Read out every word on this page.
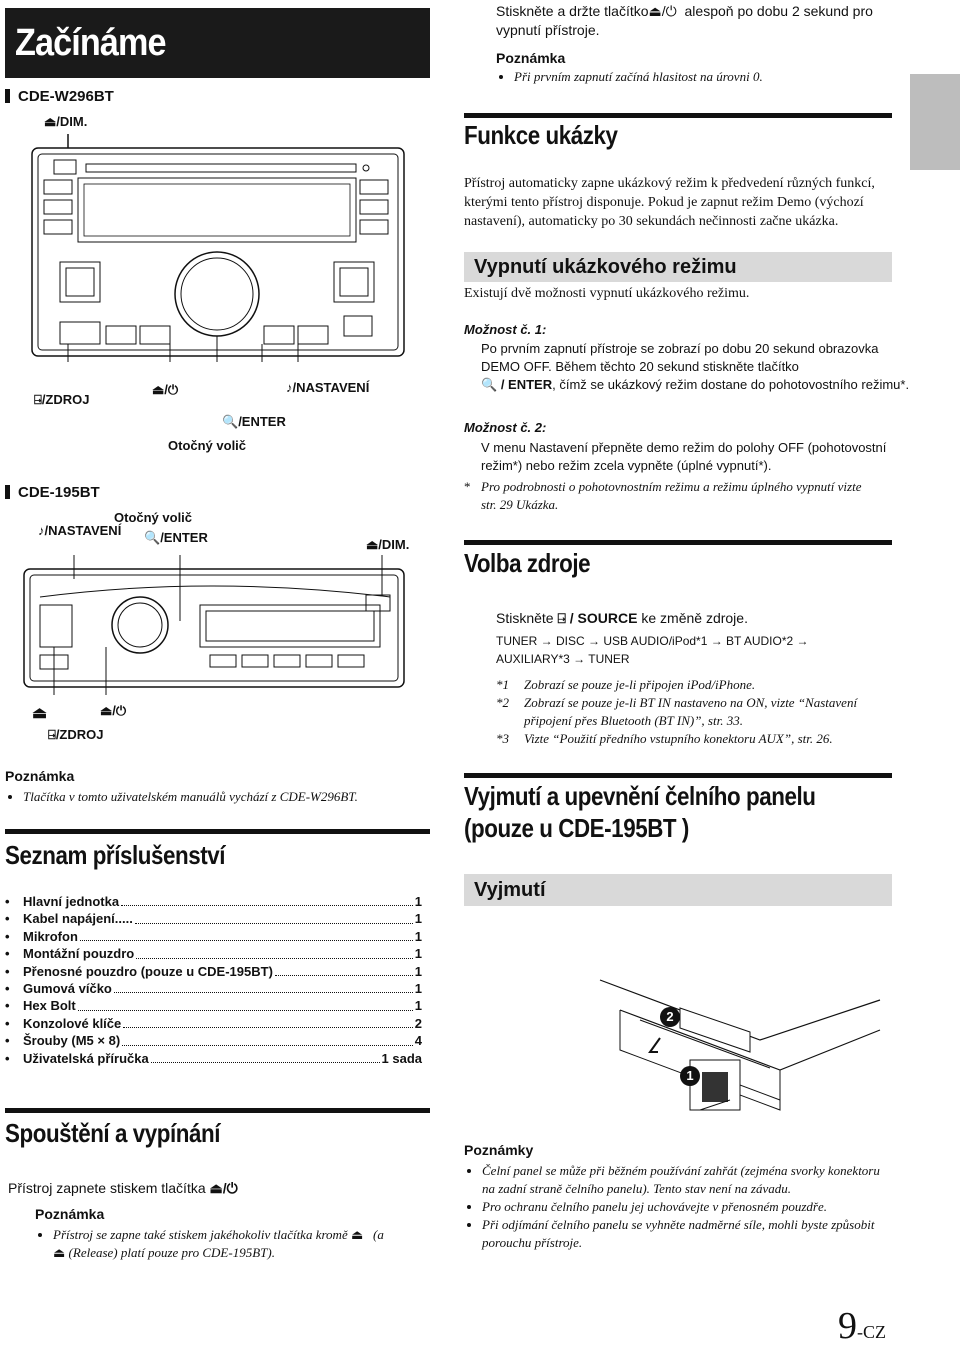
Začínáme
CDE-W296BT
⏏/DIM.
⍈/ZDROJ
⏏/⏻	♪/NASTAVENÍ
🔍/ENTER
Otočný volič
CDE-195BT
Otočný volič
♪/NASTAVENÍ 🔍/ENTER	⏏/DIM.
⏏	⏏/⏻
⍈/ZDROJ
Poznámka
• Tlačítka v tomto uživatelském manuálů vychází z CDE-W296BT.
Seznam příslušenství
• Hlavní jednotka	1
• Kabel napájení.....	1
• Mikrofon	1
• Montážní pouzdro	1
• Přenosné pouzdro (pouze u CDE-195BT)	1
• Gumová víčko	1
• Hex Bolt	1
• Konzolové klíče	2
• Šrouby (M5 × 8)	4
• Uživatelská příručka	1 sada
Spouštění a vypínání
Přístroj zapnete stiskem tlačítka ⏏/⏻
Poznámka
• Přístroj se zapne také stiskem jakéhokoliv tlačítka kromě ⏏ (a
⏏ (Release) platí pouze pro CDE-195BT).
Stiskněte a držte tlačítko⏏/⏻ alespoň po dobu 2 sekund pro vypnutí přístroje.
Poznámka
• Při prvním zapnutí začíná hlasitost na úrovni 0.
Funkce ukázky
Přístroj automaticky zapne ukázkový režim k předvedení různých funkcí, kterými tento přístroj disponuje. Pokud je zapnut režim Demo (výchozí nastavení), automaticky po 30 sekundách nečinnosti začne ukázka.
Vypnutí ukázkového režimu
Existují dvě možnosti vypnutí ukázkového režimu.
Možnost č. 1:
Po prvním zapnutí přístroje se zobrazí po dobu 20 sekund obrazovka DEMO OFF. Během těchto 20 sekund stiskněte tlačítko
🔍 / ENTER, čímž se ukázkový režim dostane do pohotovostního režimu*.
Možnost č. 2:
V menu Nastavení přepněte demo režim do polohy OFF (pohotovostní režim*) nebo režim zcela vypněte (úplné vypnutí*).
* Pro podrobnosti o pohotovnostním režimu a režimu úplného vypnutí vizte str. 29 Ukázka.
Volba zdroje
Stiskněte ⍈ / SOURCE ke změně zdroje.
TUNER → DISC → USB AUDIO/iPod*1 → BT AUDIO*2 →
AUXILIARY*3 → TUNER
*1	Zobrazí se pouze je-li připojen iPod/iPhone.
*2	Zobrazí se pouze je-li BT IN nastaveno na ON, vizte “Nastavení připojení přes Bluetooth (BT IN)”, str. 33.
*3	Vizte “Použití předního vstupního konektoru AUX”, str. 26.
Vyjmutí a upevnění čelního panelu
(pouze u CDE-195BT )
Vyjmutí
2
1
Poznámky
• Čelní panel se může při běžném používání zahřát (zejména svorky konektoru na zadní straně čelního panelu). Tento stav není na závadu.
• Pro ochranu čelního panelu jej uchovávejte v přenosném pouzdře.
• Při odjímání čelního panelu se vyhněte nadměrné síle, mohli byste způsobit porouchu přístroje.
9-CZ
